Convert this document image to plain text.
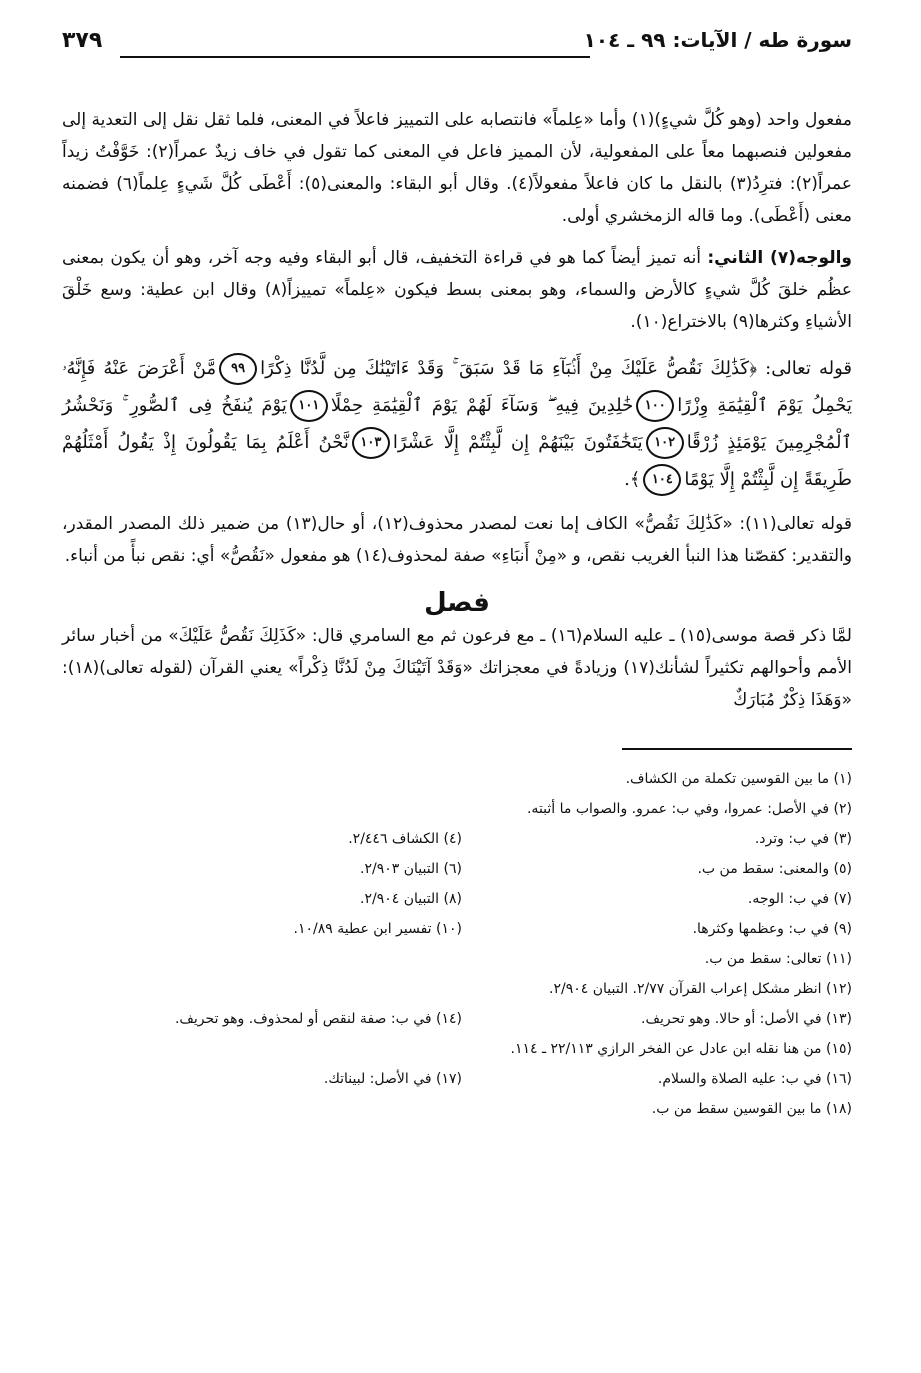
سورة طه / الآيات: ٩٩ ـ ١٠٤
٣٧٩

مفعول واحد (وهو كُلَّ شيءٍ)(١) وأما «عِلماً» فانتصابه على التمييز فاعلاً في المعنى، فلما ثقل نقل إلى التعدية إلى مفعولين فنصبهما معاً على المفعولية، لأن المميز فاعل في المعنى كما تقول في خاف زيدٌ عمراً(٢): خَوَّفْتُ زيداً عمراً(٢): فترِدُ(٣) بالنقل ما كان فاعلاً مفعولاً(٤). وقال أبو البقاء: والمعنى(٥): أَعْطَى كُلَّ شَيءٍ عِلماً(٦) فضمنه معنى (أَعْطَى). وما قاله الزمخشري أولى.

والوجه(٧) الثاني: أنه تميز أيضاً كما هو في قراءة التخفيف، قال أبو البقاء وفيه وجه آخر، وهو أن يكون بمعنى عظُم خلقَ كُلَّ شيءٍ كالأرض والسماء، وهو بمعنى بسط فيكون «عِلماً» تمييزاً(٨) وقال ابن عطية: وسع خَلْقَ الأشياءِ وكثرها(٩) بالاختراع(١٠).

قوله تعالى: ﴿كَذَٰلِكَ نَقُصُّ عَلَيْكَ مِنْ أَنۢبَآءِ مَا قَدْ سَبَقَ ۚ وَقَدْ ءَاتَيْنَٰكَ مِن لَّدُنَّا ذِكْرًا٩٩مَّنْ أَعْرَضَ عَنْهُ فَإِنَّهُۥ يَحْمِلُ يَوْمَ ٱلْقِيَٰمَةِ وِزْرًا١٠٠خَٰلِدِينَ فِيهِ ۖ وَسَآءَ لَهُمْ يَوْمَ ٱلْقِيَٰمَةِ حِمْلًا١٠١يَوْمَ يُنفَخُ فِى ٱلصُّورِ ۚ وَنَحْشُرُ ٱلْمُجْرِمِينَ يَوْمَئِذٍ زُرْقًا١٠٢يَتَخَٰفَتُونَ بَيْنَهُمْ إِن لَّبِثْتُمْ إِلَّا عَشْرًا١٠٣نَّحْنُ أَعْلَمُ بِمَا يَقُولُونَ إِذْ يَقُولُ أَمْثَلُهُمْ طَرِيقَةً إِن لَّبِثْتُمْ إِلَّا يَوْمًا١٠٤﴾.

قوله تعالى(١١): «كَذَٰلِكَ نَقُصُّ» الكاف إما نعت لمصدر محذوف(١٢)، أو حال(١٣) من ضمير ذلك المصدر المقدر، والتقدير: كقصّنا هذا النبأ الغريب نقص، و «مِنْ أَنبَاءِ» صفة لمحذوف(١٤) هو مفعول «نَقُصُّ» أي: نقص نبأً من أنباء.

فصل

لمَّا ذكر قصة موسى(١٥) ـ عليه السلام(١٦) ـ مع فرعون ثم مع السامري قال: «كَذَلِكَ نَقُصُّ عَلَيْكَ» من أخبار سائر الأمم وأحوالهم تكثيراً لشأنك(١٧) وزيادةً في معجزاتك «وَقَدْ آتَيْنَاكَ مِنْ لَدُنَّا ذِكْراً» يعني القرآن (لقوله تعالى)(١٨): «وَهَذَا ذِكْرٌ مُبَارَكٌ

(١) ما بين القوسين تكملة من الكشاف.
(٢) في الأصل: عمروا، وفي ب: عمرو. والصواب ما أثبته.
(٣) في ب: وترد.
(٤) الكشاف ٢/٤٤٦.
(٥) والمعنى: سقط من ب.
(٦) التبيان ٢/٩٠٣.
(٧) في ب: الوجه.
(٨) التبيان ٢/٩٠٤.
(٩) في ب: وعظمها وكثرها.
(١٠) تفسير ابن عطية ١٠/٨٩.
(١١) تعالى: سقط من ب.
(١٢) انظر مشكل إعراب القرآن ٢/٧٧. التبيان ٢/٩٠٤.
(١٣) في الأصل: أو حالا. وهو تحريف.
(١٤) في ب: صفة لنقص أو لمحذوف. وهو تحريف.
(١٥) من هنا نقله ابن عادل عن الفخر الرازي ٢٢/١١٣ ـ ١١٤.
(١٦) في ب: عليه الصلاة والسلام.
(١٧) في الأصل: لبيناتك.
(١٨) ما بين القوسين سقط من ب.
